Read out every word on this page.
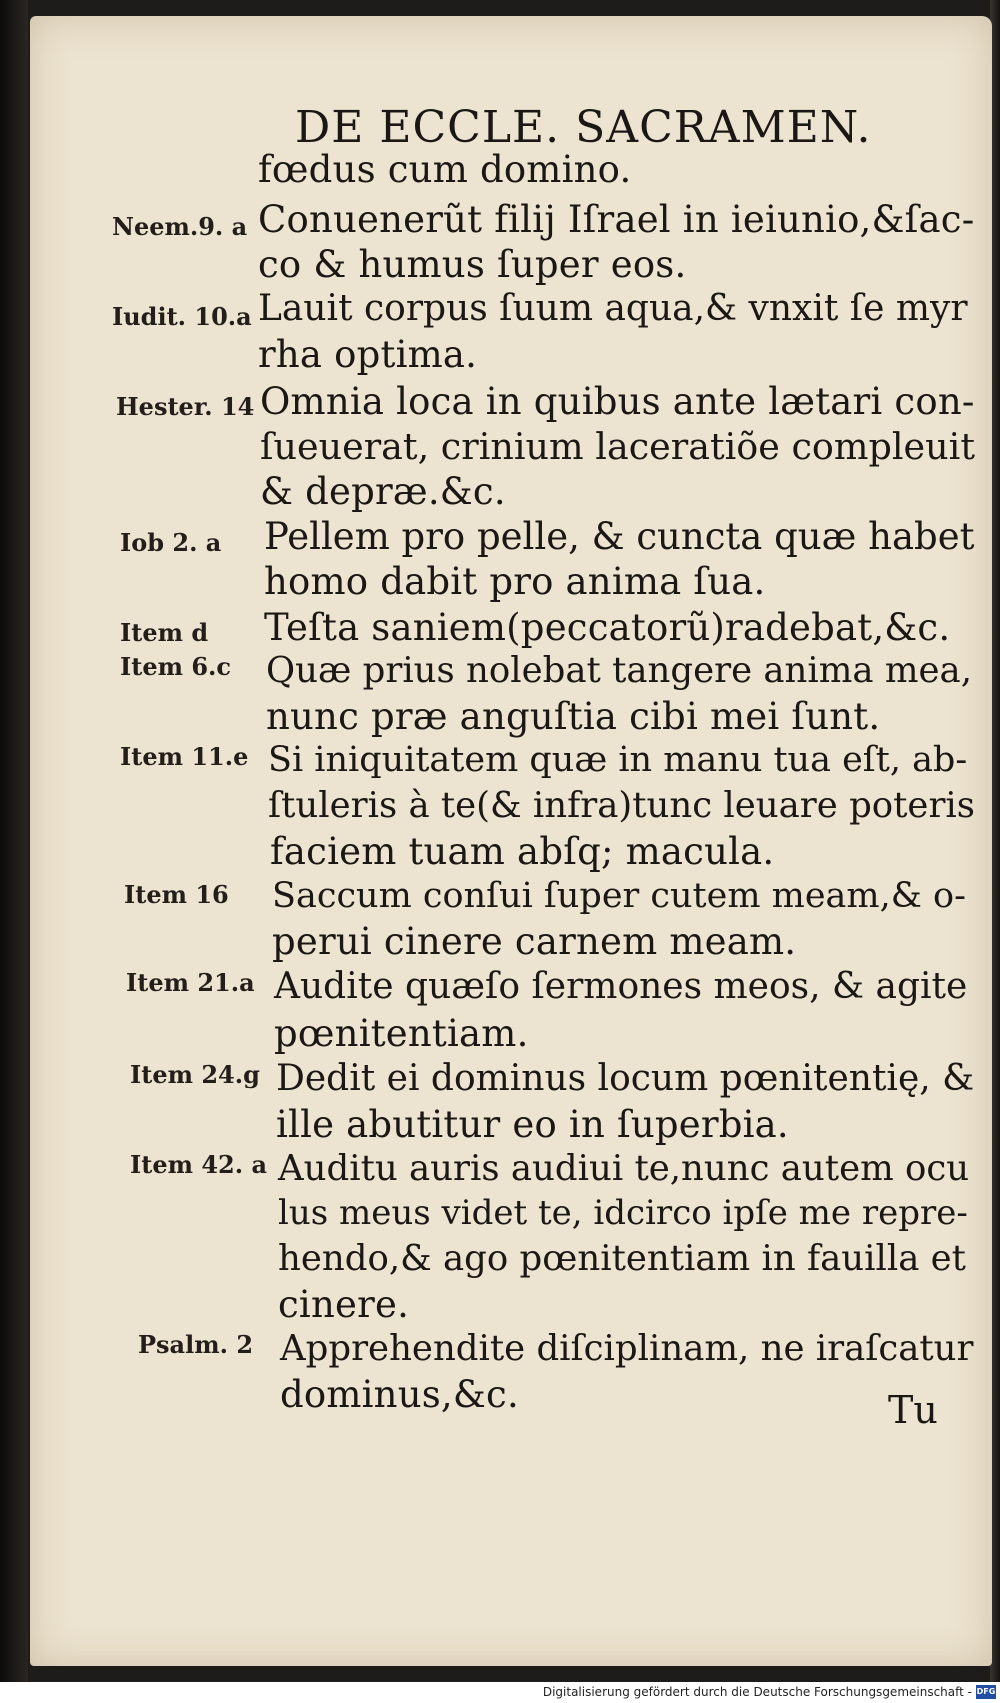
DE ECCLE. SACRAMEN.
Neem.9. a
Iudit. 10.a
Hester. 14
Iob 2. a
Item d
Item 6.c
Item 11.e
Item 16
Item 21.a
Item 24.g
Item 42. a
Psalm. 2
fœdus cum domino.
Conuenerũt filij Iſrael in ieiunio,&ſac-
co & humus ſuper eos.
Lauit corpus ſuum aqua,& vnxit ſe myr
rha optima.
Omnia loca in quibus ante lætari con-
ſueuerat, crinium laceratiõe compleuit
& depræ.&c.
Pellem pro pelle, & cuncta quæ habet
homo dabit pro anima ſua.
Teſta saniem(peccatorũ)radebat,&c.
Quæ prius nolebat tangere anima mea,
nunc præ anguſtia cibi mei ſunt.
Si iniquitatem quæ in manu tua eſt, ab-
ſtuleris à te(& infra)tunc leuare poteris
faciem tuam abſq; macula.
Saccum conſui ſuper cutem meam,& o-
perui cinere carnem meam.
Audite quæſo ſermones meos, & agite
pœnitentiam.
Dedit ei dominus locum pœnitentię, &
ille abutitur eo in ſuperbia.
Auditu auris audiui te,nunc autem ocu
lus meus videt te, idcirco ipſe me repre-
hendo,& ago pœnitentiam in fauilla et
cinere.
Apprehendite diſciplinam, ne iraſcatur
dominus,&c.	Tu
Digitalisierung gefördert durch die Deutsche Forschungsgemeinschaft - DFG
